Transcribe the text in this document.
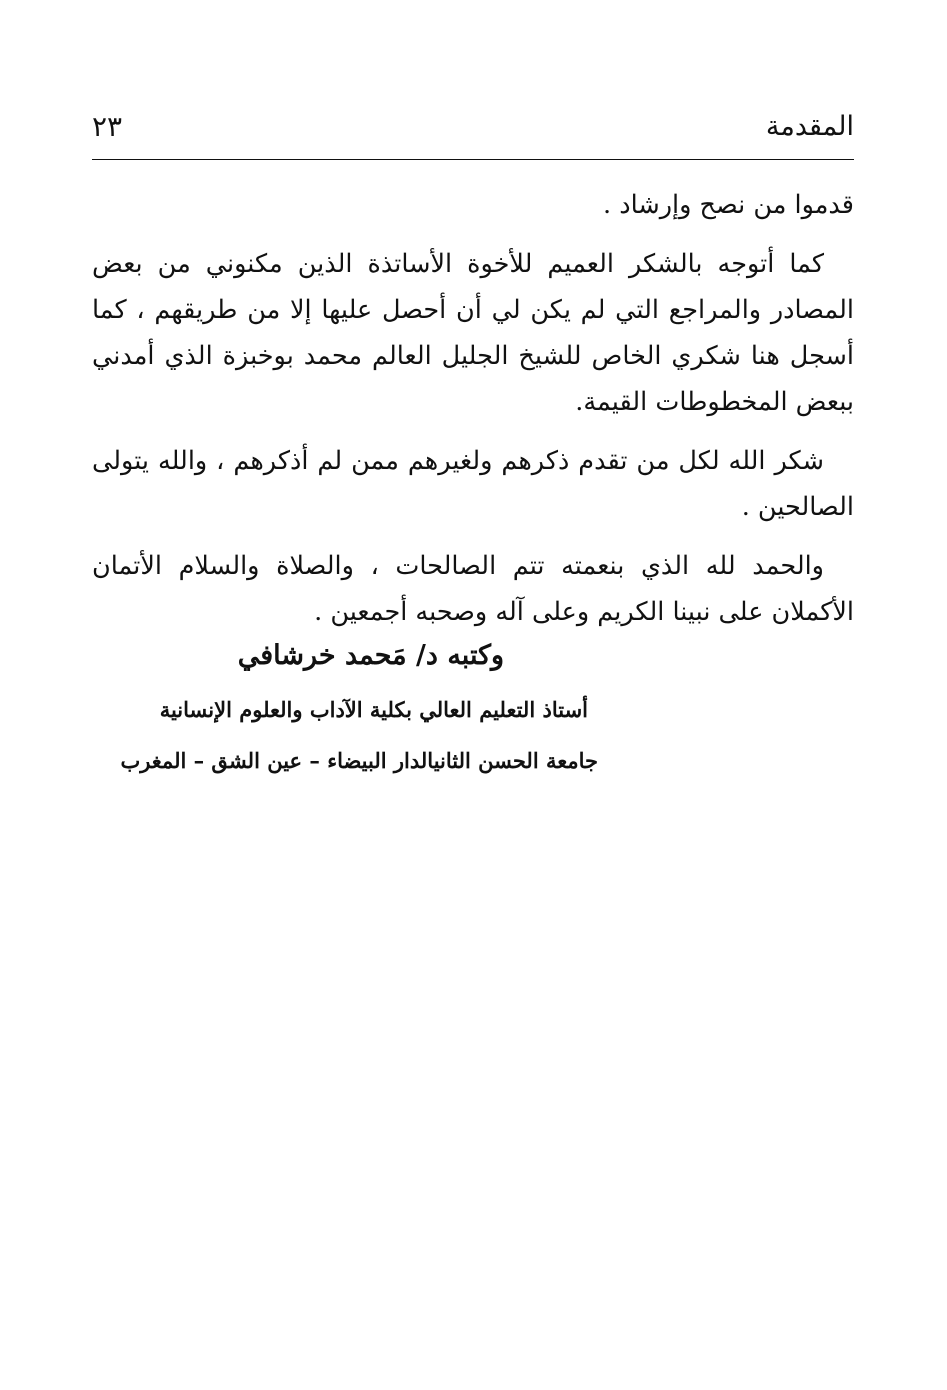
المقدمة
٢٣

قدموا من نصح وإرشاد .

كما أتوجه بالشكر العميم للأخوة الأساتذة الذين مكنوني من بعض المصادر والمراجع التي لم يكن لي أن أحصل عليها إلا من طريقهم ، كما أسجل هنا شكري الخاص للشيخ الجليل العالم محمد بوخبزة الذي أمدني ببعض المخطوطات القيمة.

شكر الله لكل من تقدم ذكرهم ولغيرهم ممن لم أذكرهم ، والله يتولى الصالحين .

والحمد لله الذي بنعمته تتم الصالحات ، والصلاة والسلام الأتمان الأكملان على نبينا الكريم وعلى آله وصحبه أجمعين .

وكتبه د/ مَحمد خرشافي
أستاذ التعليم العالي بكلية الآداب والعلوم الإنسانية
جامعة الحسن الثانيالدار البيضاء – عين الشق – المغرب
